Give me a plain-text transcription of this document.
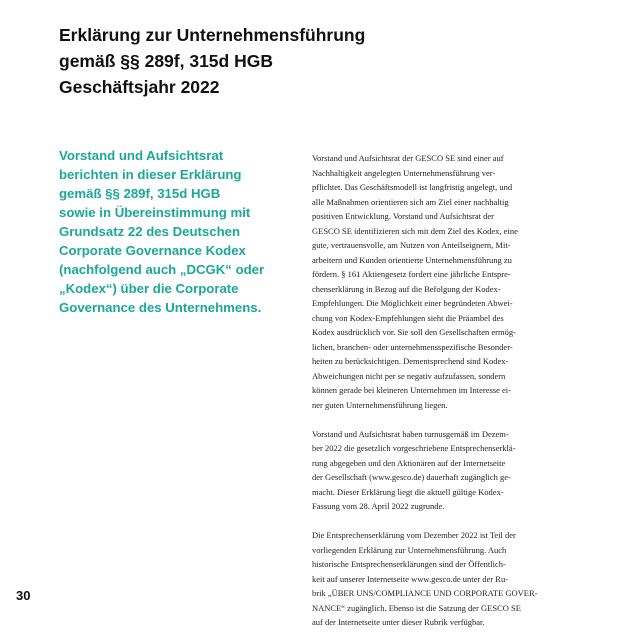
Erklärung zur Unternehmensführung
gemäß §§ 289f, 315d HGB
Geschäftsjahr 2022
Vorstand und Aufsichtsrat
berichten in dieser Erklärung
gemäß §§ 289f, 315d HGB
sowie in Übereinstimmung mit
Grundsatz 22 des Deutschen
Corporate Governance Kodex
(nachfolgend auch „DCGK“ oder
„Kodex“) über die Corporate
Governance des Unternehmens.

Vorstand und Aufsichtsrat der GESCO SE sind einer auf
Nachhaltigkeit angelegten Unternehmensführung ver-
pflichtet. Das Geschäftsmodell ist langfristig angelegt, und
alle Maßnahmen orientieren sich am Ziel einer nachhaltig
positiven Entwicklung. Vorstand und Aufsichtsrat der
GESCO SE identifizieren sich mit dem Ziel des Kodex, eine
gute, vertrauensvolle, am Nutzen von Anteilseignern, Mit-
arbeitern und Kunden orientierte Unternehmensführung zu
fördern. § 161 Aktiengesetz fordert eine jährliche Entspre-
chenserklärung in Bezug auf die Befolgung der Kodex-
Empfehlungen. Die Möglichkeit einer begründeten Abwei-
chung von Kodex-Empfehlungen sieht die Präambel des
Kodex ausdrücklich vor. Sie soll den Gesellschaften ermög-
lichen, branchen- oder unternehmensspezifische Besonder-
heiten zu berücksichtigen. Dementsprechend sind Kodex-
Abweichungen nicht per se negativ aufzufassen, sondern
können gerade bei kleineren Unternehmen im Interesse ei-
ner guten Unternehmensführung liegen.

Vorstand und Aufsichtsrat haben turnusgemäß im Dezem-
ber 2022 die gesetzlich vorgeschriebene Entsprechenserklä-
rung abgegeben und den Aktionären auf der Internetseite
der Gesellschaft (www.gesco.de) dauerhaft zugänglich ge-
macht. Dieser Erklärung liegt die aktuell gültige Kodex-
Fassung vom 28. April 2022 zugrunde.

Die Entsprechenserklärung vom Dezember 2022 ist Teil der
vorliegenden Erklärung zur Unternehmensführung. Auch
historische Entsprechenserklärungen sind der Öffentlich-
keit auf unserer Internetseite www.gesco.de unter der Ru-
brik „ÜBER UNS/COMPLIANCE UND CORPORATE GOVER-
NANCE“ zugänglich. Ebenso ist die Satzung der GESCO SE
auf der Internetseite unter dieser Rubrik verfügbar.

30
